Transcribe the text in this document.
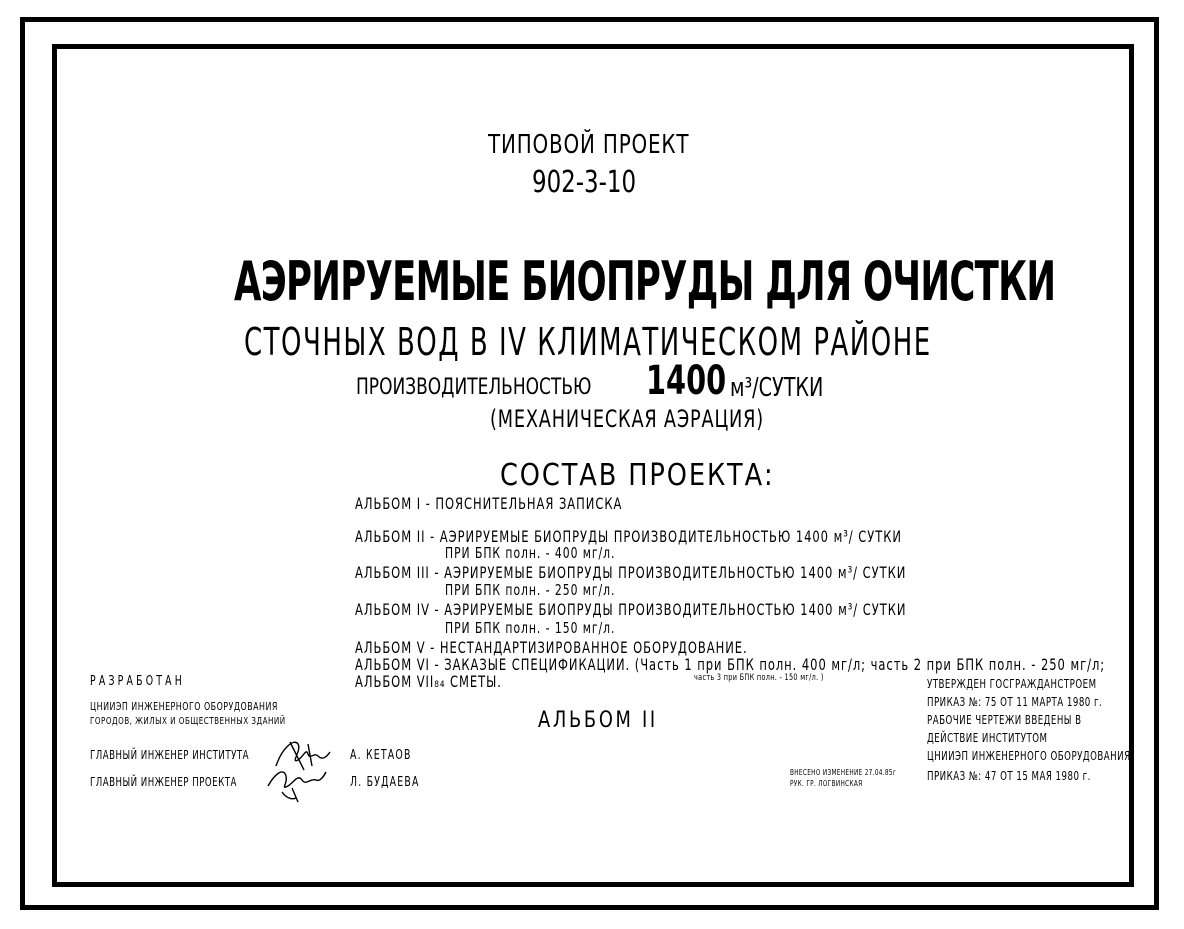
ТИПОВОЙ ПРОЕКТ
902-3-10
АЭРИРУЕМЫЕ БИОПРУДЫ ДЛЯ ОЧИСТКИ
СТОЧНЫХ ВОД В IV КЛИМАТИЧЕСКОМ РАЙОНЕ
ПРОИЗВОДИТЕЛЬНОСТЬЮ 1400 м³/СУТКИ
(МЕХАНИЧЕСКАЯ АЭРАЦИЯ)
СОСТАВ ПРОЕКТА:
АЛЬБОМ I - ПОЯСНИТЕЛЬНАЯ ЗАПИСКА
АЛЬБОМ II - АЭРИРУЕМЫЕ БИОПРУДЫ ПРОИЗВОДИТЕЛЬНОСТЬЮ 1400 м³/ СУТКИ
ПРИ БПК полн. - 400 мг/л.
АЛЬБОМ III - АЭРИРУЕМЫЕ БИОПРУДЫ ПРОИЗВОДИТЕЛЬНОСТЬЮ 1400 м³/ СУТКИ
ПРИ БПК полн. - 250 мг/л.
АЛЬБОМ IV - АЭРИРУЕМЫЕ БИОПРУДЫ ПРОИЗВОДИТЕЛЬНОСТЬЮ 1400 м³/ СУТКИ
ПРИ БПК полн. - 150 мг/л.
АЛЬБОМ V - НЕСТАНДАРТИЗИРОВАННОЕ ОБОРУДОВАНИЕ.
АЛЬБОМ VI - ЗАКАЗЫЕ СПЕЦИФИКАЦИИ. (Часть 1 при БПК полн. 400 мг/л; часть 2 при БПК полн. - 250 мг/л;
часть 3 при БПК полн. - 150 мг/л. )
АЛЬБОМ VII₈₄ СМЕТЫ.
АЛЬБОМ II
РАЗРАБОТАН
ЦНИИЭП ИНЖЕНЕРНОГО ОБОРУДОВАНИЯ
ГОРОДОВ, ЖИЛЫХ И ОБЩЕСТВЕННЫХ ЗДАНИЙ
ГЛАВНЫЙ ИНЖЕНЕР ИНСТИТУТА	А. КЕТАОВ
ГЛАВНЫЙ ИНЖЕНЕР ПРОЕКТА	Л. БУДАЕВА
ВНЕСЕНО ИЗМЕНЕНИЕ 27.04.85г
РУК. ГР. ЛОГВИНСКАЯ
УТВЕРЖДЕН ГОСГРАЖДАНСТРОЕМ
ПРИКАЗ №: 75 ОТ 11 МАРТА 1980 г.
РАБОЧИЕ ЧЕРТЕЖИ ВВЕДЕНЫ В
ДЕЙСТВИЕ ИНСТИТУТОМ
ЦНИИЭП ИНЖЕНЕРНОГО ОБОРУДОВАНИЯ
ПРИКАЗ №: 47 ОТ 15 МАЯ 1980 г.
